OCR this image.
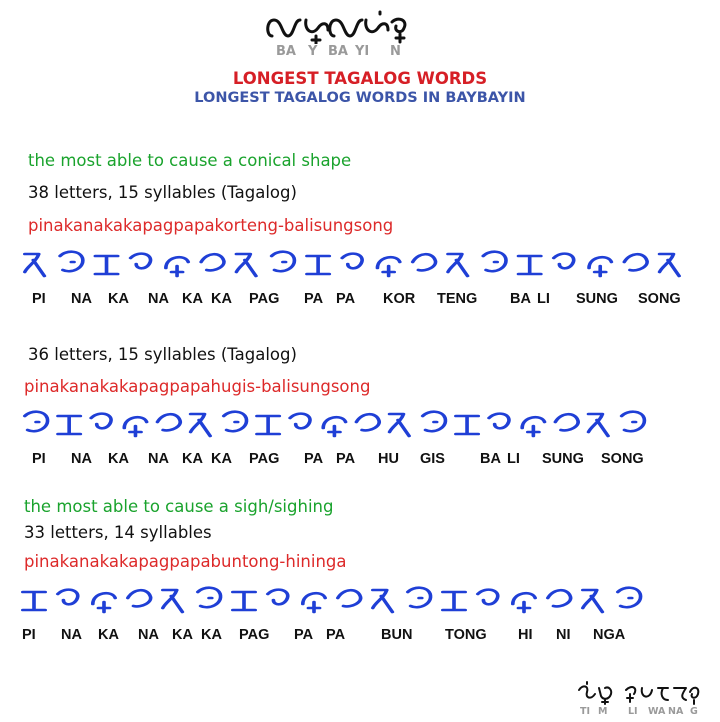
BA Y BA YI N
LONGEST TAGALOG WORDS
LONGEST TAGALOG WORDS IN BAYBAYIN
the most able to cause a conical shape
38 letters, 15 syllables (Tagalog)
pinakanakakapagpapakorteng-balisungsong
36 letters, 15 syllables (Tagalog)
pinakanakakapagpapahugis-balisungsong
the most able to cause a sigh/sighing
33 letters, 14 syllables
pinakanakakapagpapabuntong-hininga
TI M LI WA NA G
PI NA KA NA KA KA PAG PA PA KOR TENG BA LI SUNG SONG
PI NA KA NA KA KA PAG PA PA HU GIS BA LI SUNG SONG
PI NA KA NA KA KA PAG PA PA BUN TONG HI NI NGA
